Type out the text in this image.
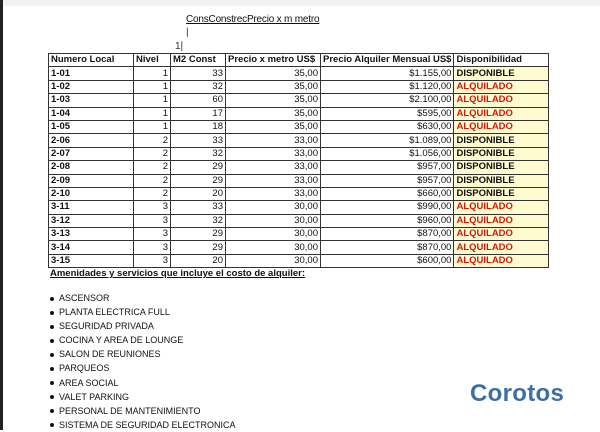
ConsConstrecPrecio x m metro
|
1|
Numero Local	Nivel	M2 Const	Precio x metro US$	Precio Alquiler Mensual US$	Disponibilidad
1-01	1	33	35,00	$1.155,00	DISPONIBLE
1-02	1	32	35,00	$1.120,00	ALQUILADO
1-03	1	60	35,00	$2.100,00	ALQUILADO
1-04	1	17	35,00	$595,00	ALQUILADO
1-05	1	18	35,00	$630,00	ALQUILADO
2-06	2	33	33,00	$1.089,00	DISPONIBLE
2-07	2	32	33,00	$1.056,00	DISPONIBLE
2-08	2	29	33,00	$957,00	DISPONIBLE
2-09	2	29	33,00	$957,00	DISPONIBLE
2-10	2	20	33,00	$660,00	DISPONIBLE
3-11	3	33	30,00	$990,00	ALQUILADO
3-12	3	32	30,00	$960,00	ALQUILADO
3-13	3	29	30,00	$870,00	ALQUILADO
3-14	3	29	30,00	$870,00	ALQUILADO
3-15	3	20	30,00	$600,00	ALQUILADO
Amenidades y servicios que incluye el costo de alquiler:
ASCENSOR
PLANTA ELECTRICA FULL
SEGURIDAD PRIVADA
COCINA Y AREA DE LOUNGE
SALON DE REUNIONES
PARQUEOS
AREA SOCIAL
VALET PARKING
PERSONAL DE MANTENIMIENTO
SISTEMA DE SEGURIDAD ELECTRONICA
Corotos
